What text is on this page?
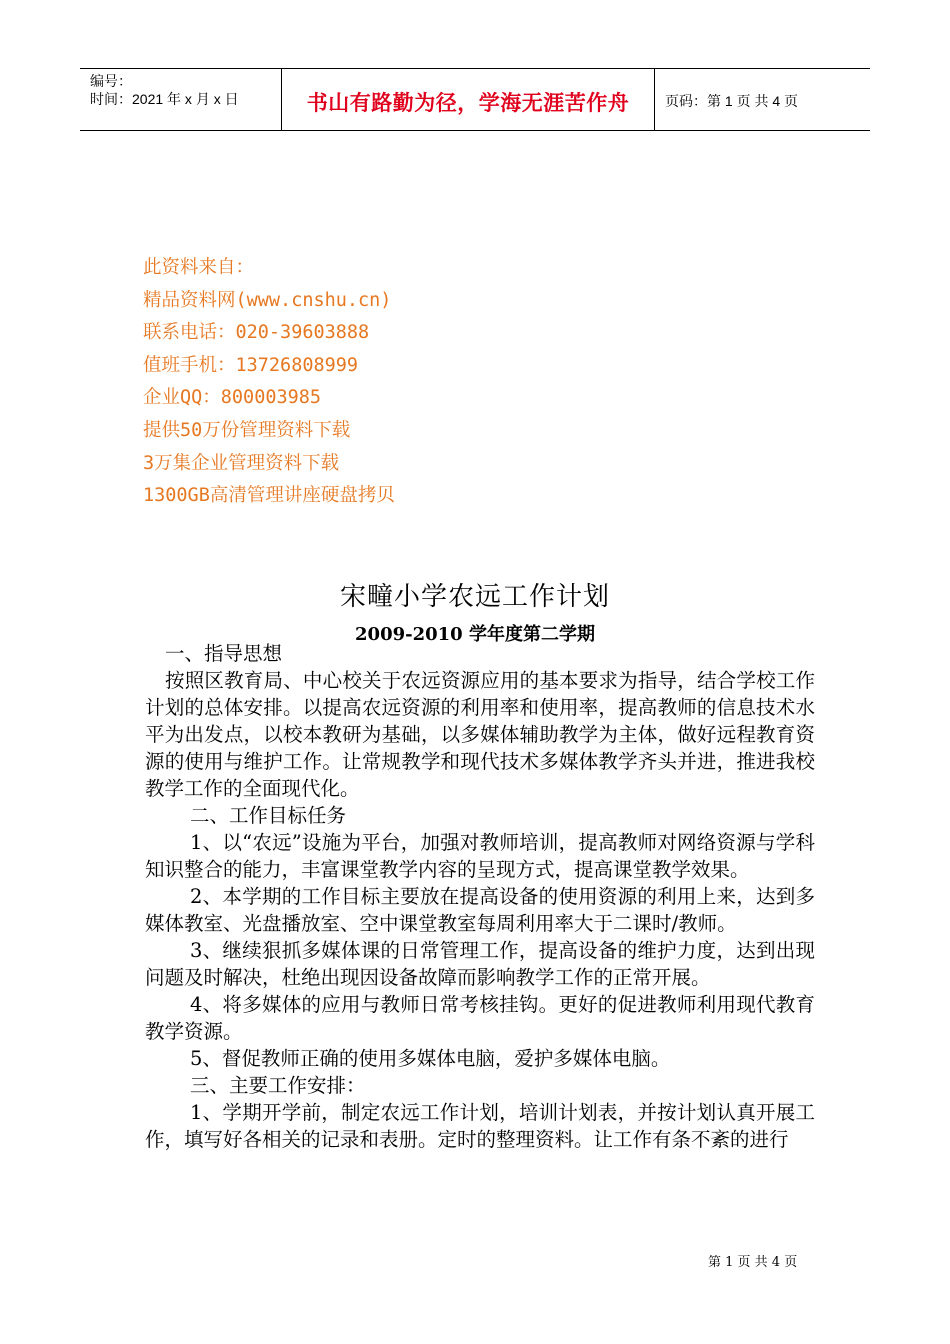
编号：
时间：2021 年 x 月 x 日	书山有路勤为径，学海无涯苦作舟	页码：第 1 页 共 4 页
此资料来自：
精品资料网(www.cnshu.cn)
联系电话：020-39603888
值班手机：13726808999
企业QQ：800003985
提供50万份管理资料下载
3万集企业管理资料下载
1300GB高清管理讲座硬盘拷贝
宋疃小学农远工作计划
2009-2010 学年度第二学期

一、指导思想

按照区教育局、中心校关于农远资源应用的基本要求为指导，结合学校工作计划的总体安排。以提高农远资源的利用率和使用率，提高教师的信息技术水平为出发点，以校本教研为基础，以多媒体辅助教学为主体，做好远程教育资源的使用与维护工作。让常规教学和现代技术多媒体教学齐头并进，推进我校教学工作的全面现代化。

二、工作目标任务

1、以“农远”设施为平台，加强对教师培训，提高教师对网络资源与学科知识整合的能力，丰富课堂教学内容的呈现方式，提高课堂教学效果。

2、本学期的工作目标主要放在提高设备的使用资源的利用上来，达到多媒体教室、光盘播放室、空中课堂教室每周利用率大于二课时/教师。

3、继续狠抓多媒体课的日常管理工作，提高设备的维护力度，达到出现问题及时解决，杜绝出现因设备故障而影响教学工作的正常开展。

4、将多媒体的应用与教师日常考核挂钩。更好的促进教师利用现代教育教学资源。

5、督促教师正确的使用多媒体电脑，爱护多媒体电脑。

三、主要工作安排：

1、学期开学前，制定农远工作计划，培训计划表，并按计划认真开展工作，填写好各相关的记录和表册。定时的整理资料。让工作有条不紊的进行

第 1 页 共 4 页
